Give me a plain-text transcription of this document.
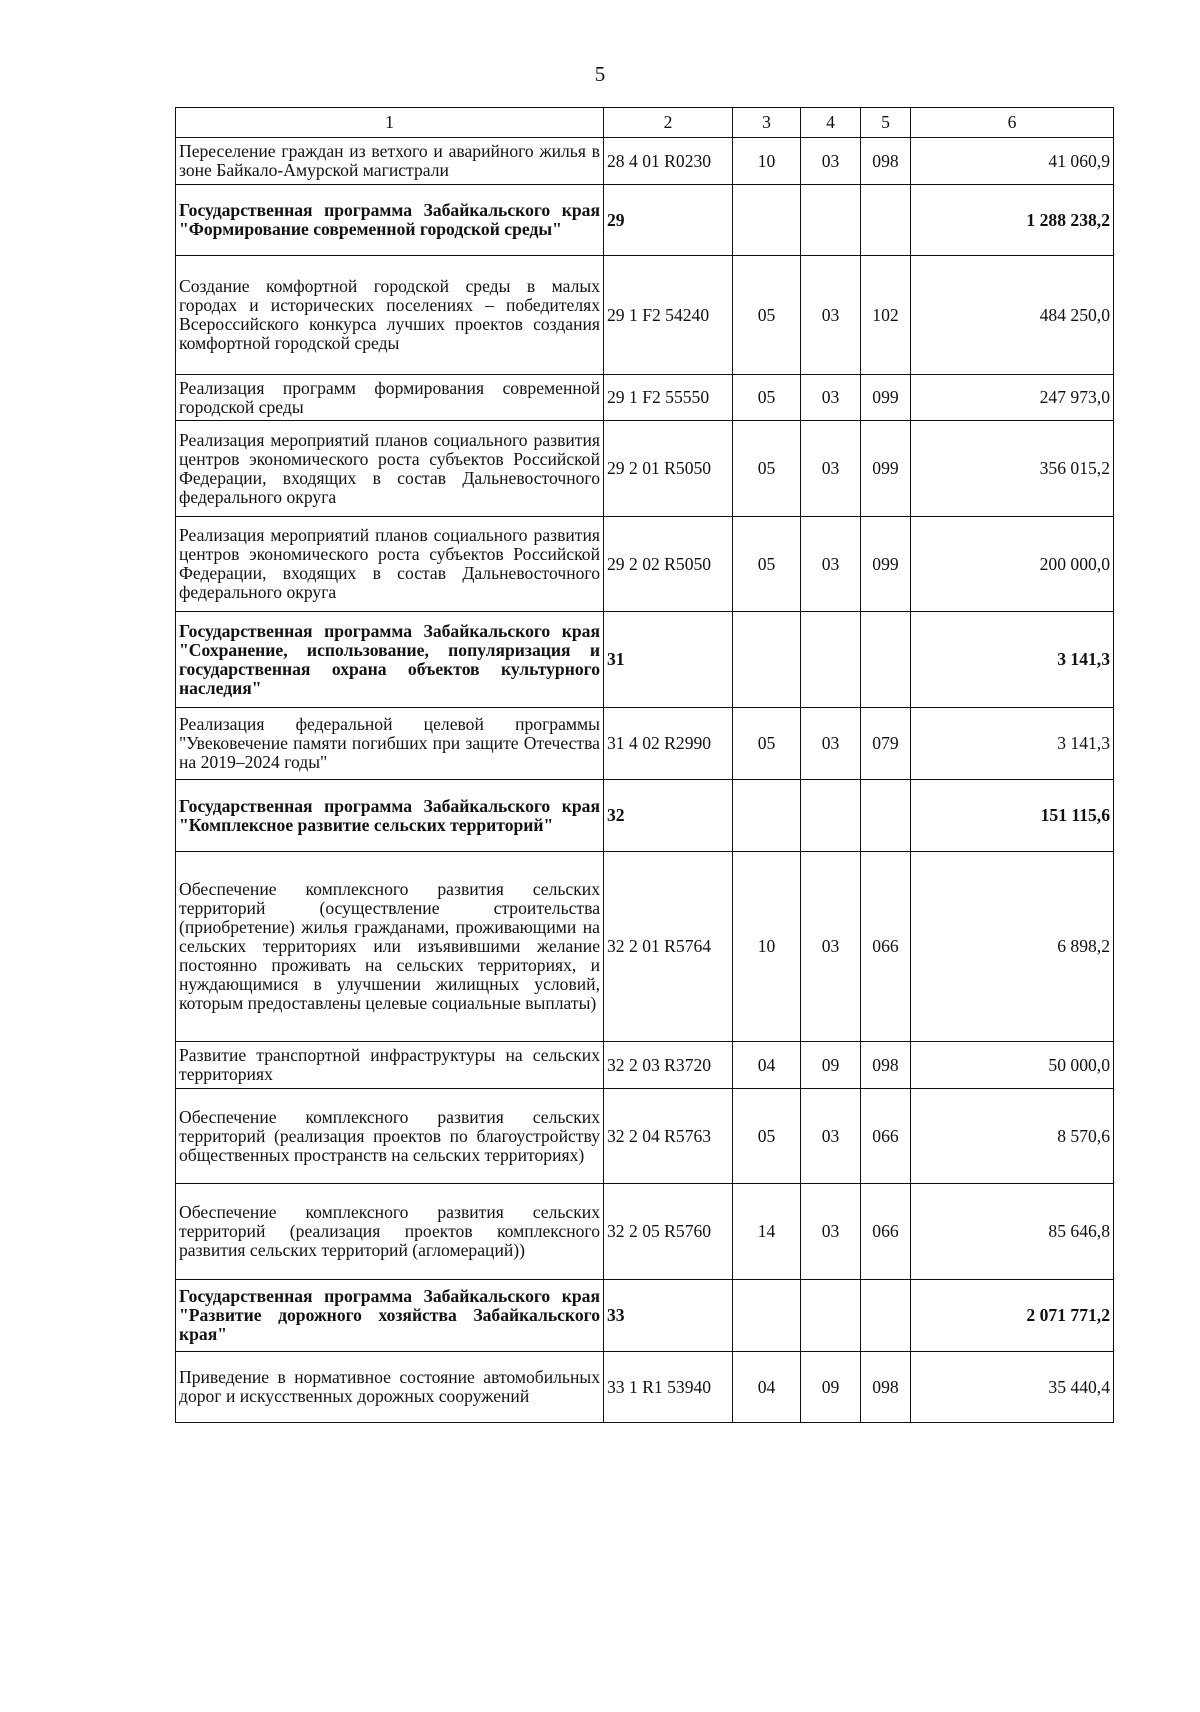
5
1	2	3	4	5	6
Переселение граждан из ветхого и аварийного жилья в зоне Байкало-Амурской магистрали	28 4 01 R0230	10	03	098	41 060,9
Государственная программа Забайкальского края "Формирование современной городской среды"	29				1 288 238,2
Создание комфортной городской среды в малых городах и исторических поселениях – победителях Всероссийского конкурса лучших проектов создания комфортной городской среды	29 1 F2 54240	05	03	102	484 250,0
Реализация программ формирования современной городской среды	29 1 F2 55550	05	03	099	247 973,0
Реализация мероприятий планов социального развития центров экономического роста субъектов Российской Федерации, входящих в состав Дальневосточного федерального округа	29 2 01 R5050	05	03	099	356 015,2
Реализация мероприятий планов социального развития центров экономического роста субъектов Российской Федерации, входящих в состав Дальневосточного федерального округа	29 2 02 R5050	05	03	099	200 000,0
Государственная программа Забайкальского края "Сохранение, использование, популяризация и государственная охрана объектов культурного наследия"	31				3 141,3
Реализация федеральной целевой программы "Увековечение памяти погибших при защите Отечества на 2019–2024 годы"	31 4 02 R2990	05	03	079	3 141,3
Государственная программа Забайкальского края "Комплексное развитие сельских территорий"	32				151 115,6
Обеспечение комплексного развития сельских территорий (осуществление строительства (приобретение) жилья гражданами, проживающими на сельских территориях или изъявившими желание постоянно проживать на сельских территориях, и нуждающимися в улучшении жилищных условий, которым предоставлены целевые социальные выплаты)	32 2 01 R5764	10	03	066	6 898,2
Развитие транспортной инфраструктуры на сельских территориях	32 2 03 R3720	04	09	098	50 000,0
Обеспечение комплексного развития сельских территорий (реализация проектов по благоустройству общественных пространств на сельских территориях)	32 2 04 R5763	05	03	066	8 570,6
Обеспечение комплексного развития сельских территорий (реализация проектов комплексного развития сельских территорий (агломераций))	32 2 05 R5760	14	03	066	85 646,8
Государственная программа Забайкальского края "Развитие дорожного хозяйства Забайкальского края"	33				2 071 771,2
Приведение в нормативное состояние автомобильных дорог и искусственных дорожных сооружений	33 1 R1 53940	04	09	098	35 440,4
